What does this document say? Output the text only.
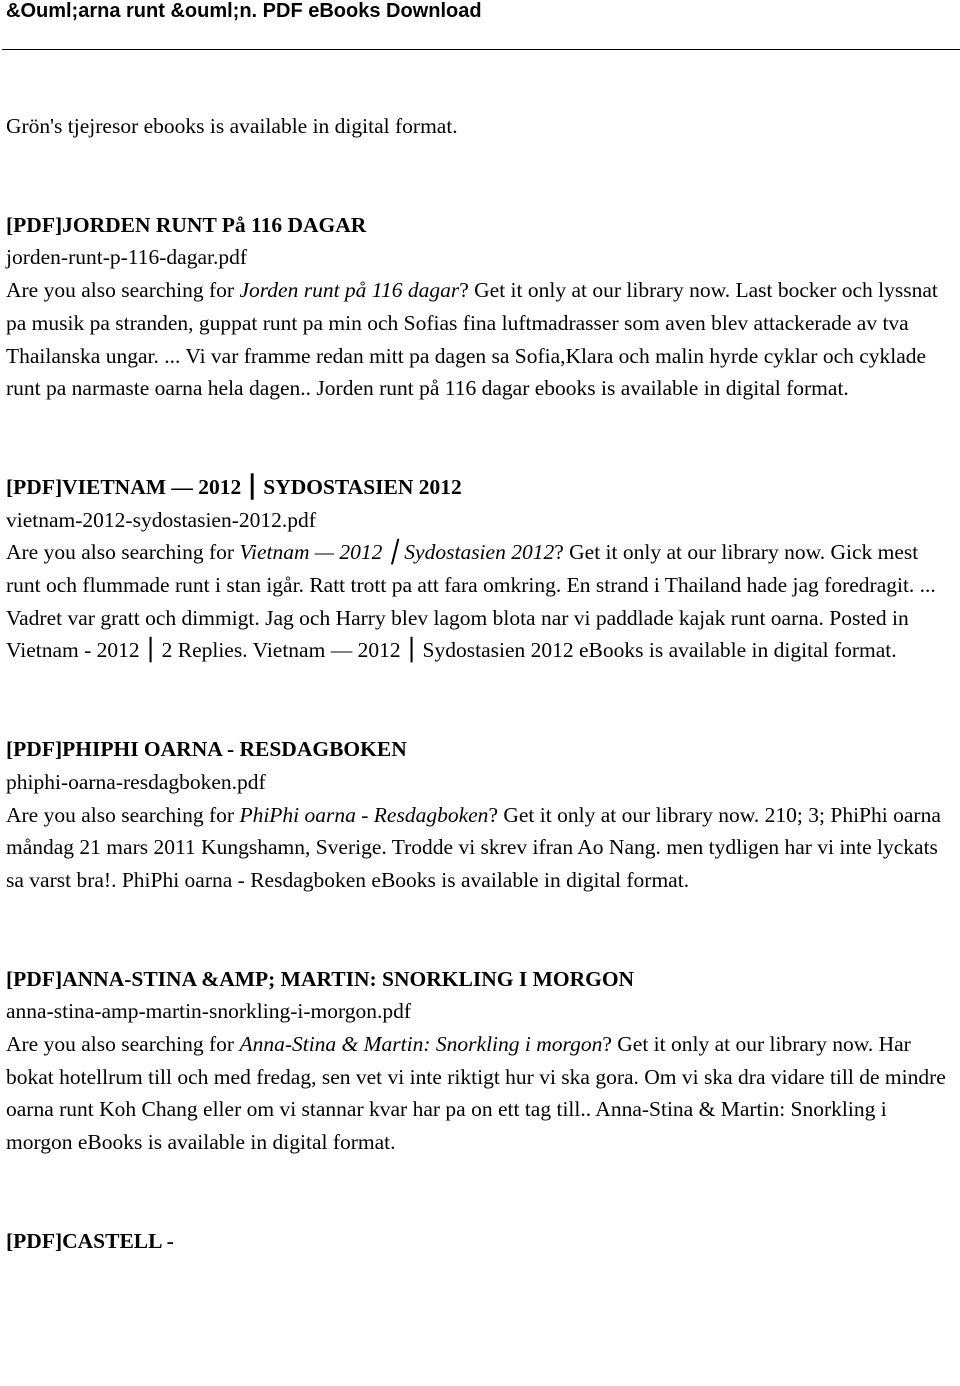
&Ouml;arna runt &ouml;n. PDF eBooks Download

Grön's tjejresor ebooks is available in digital format.

[PDF]JORDEN RUNT På 116 DAGAR
jorden-runt-p-116-dagar.pdf
Are you also searching for Jorden runt på 116 dagar? Get it only at our library now. Last bocker och lyssnat pa musik pa stranden, guppat runt pa min och Sofias fina luftmadrasser som aven blev attackerade av tva Thailanska ungar. ... Vi var framme redan mitt pa dagen sa Sofia,Klara och malin hyrde cyklar och cyklade runt pa narmaste oarna hela dagen.. Jorden runt på 116 dagar ebooks is available in digital format.
[PDF]VIETNAM — 2012 ⎮ SYDOSTASIEN 2012
vietnam-2012-sydostasien-2012.pdf
Are you also searching for Vietnam — 2012 ⎮ Sydostasien 2012? Get it only at our library now. Gick mest runt och flummade runt i stan igår. Ratt trott pa att fara omkring. En strand i Thailand hade jag foredragit. ... Vadret var gratt och dimmigt. Jag och Harry blev lagom blota nar vi paddlade kajak runt oarna. Posted in Vietnam - 2012 ⎮ 2 Replies. Vietnam — 2012 ⎮ Sydostasien 2012 eBooks is available in digital format.
[PDF]PHIPHI OARNA - RESDAGBOKEN
phiphi-oarna-resdagboken.pdf
Are you also searching for PhiPhi oarna - Resdagboken? Get it only at our library now. 210; 3; PhiPhi oarna måndag 21 mars 2011 Kungshamn, Sverige. Trodde vi skrev ifran Ao Nang. men tydligen har vi inte lyckats sa varst bra!. PhiPhi oarna - Resdagboken eBooks is available in digital format.
[PDF]ANNA-STINA &AMP; MARTIN: SNORKLING I MORGON
anna-stina-amp-martin-snorkling-i-morgon.pdf
Are you also searching for Anna-Stina & Martin: Snorkling i morgon? Get it only at our library now. Har bokat hotellrum till och med fredag, sen vet vi inte riktigt hur vi ska gora. Om vi ska dra vidare till de mindre oarna runt Koh Chang eller om vi stannar kvar har pa on ett tag till.. Anna-Stina & Martin: Snorkling i morgon eBooks is available in digital format.
[PDF]CASTELL -
